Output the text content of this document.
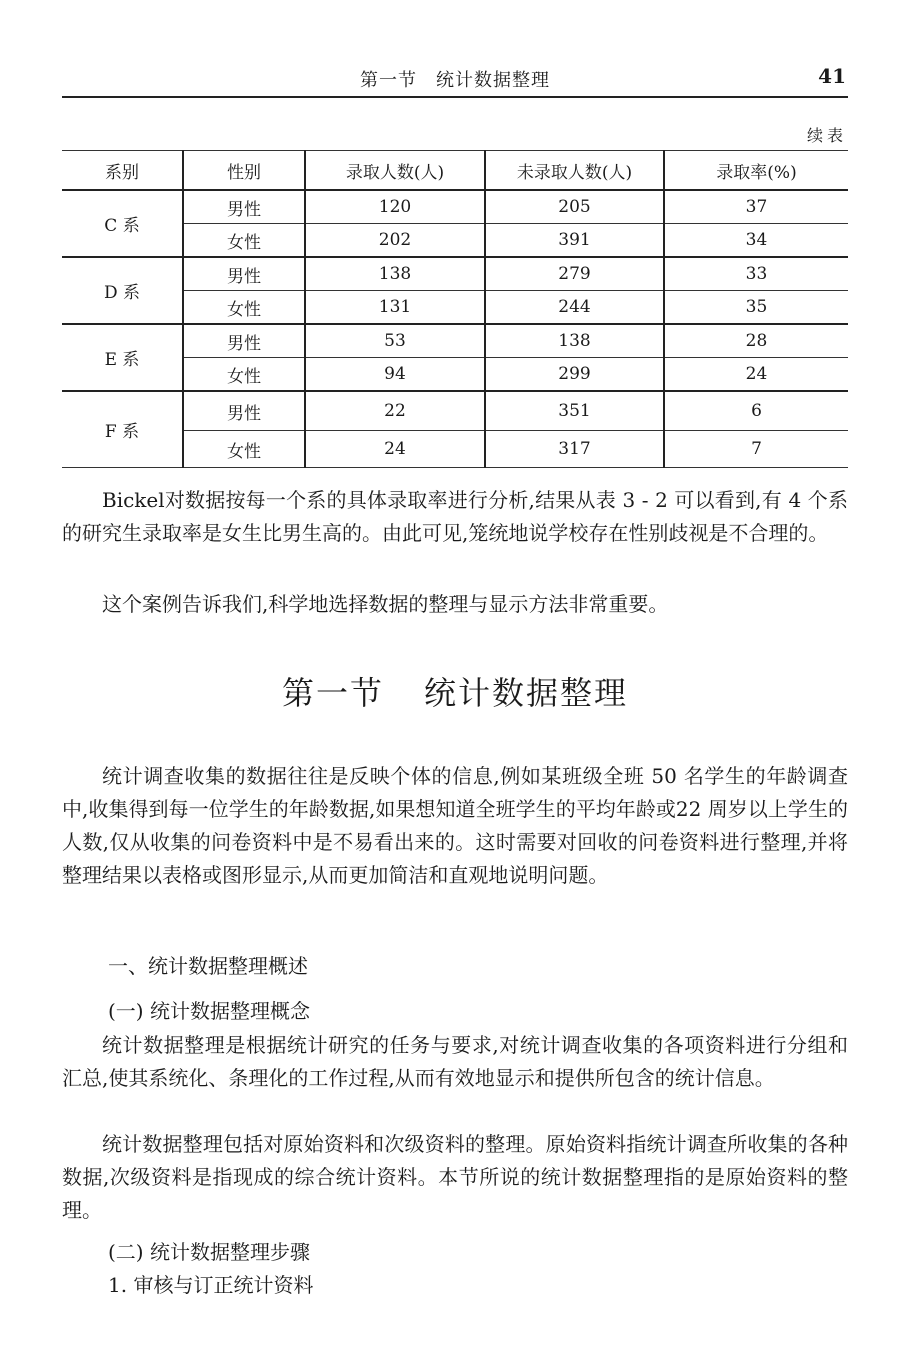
第一节　统计数据整理	41
续表
系别	性别	录取人数(人)	未录取人数(人)	录取率(%)
C 系	男性	120	205	37
	女性	202	391	34
D 系	男性	138	279	33
	女性	131	244	35
E 系	男性	53	138	28
	女性	94	299	24
F 系	男性	22	351	6
	女性	24	317	7

Bickel对数据按每一个系的具体录取率进行分析,结果从表 3 - 2 可以看到,有 4 个系的研究生录取率是女生比男生高的。由此可见,笼统地说学校存在性别歧视是不合理的。

这个案例告诉我们,科学地选择数据的整理与显示方法非常重要。

第一节 统计数据整理

统计调查收集的数据往往是反映个体的信息,例如某班级全班 50 名学生的年龄调查中,收集得到每一位学生的年龄数据,如果想知道全班学生的平均年龄或22 周岁以上学生的人数,仅从收集的问卷资料中是不易看出来的。这时需要对回收的问卷资料进行整理,并将整理结果以表格或图形显示,从而更加简洁和直观地说明问题。

一、统计数据整理概述

(一) 统计数据整理概念

统计数据整理是根据统计研究的任务与要求,对统计调查收集的各项资料进行分组和汇总,使其系统化、条理化的工作过程,从而有效地显示和提供所包含的统计信息。

统计数据整理包括对原始资料和次级资料的整理。原始资料指统计调查所收集的各种数据,次级资料是指现成的综合统计资料。本节所说的统计数据整理指的是原始资料的整理。

(二) 统计数据整理步骤

1. 审核与订正统计资料
